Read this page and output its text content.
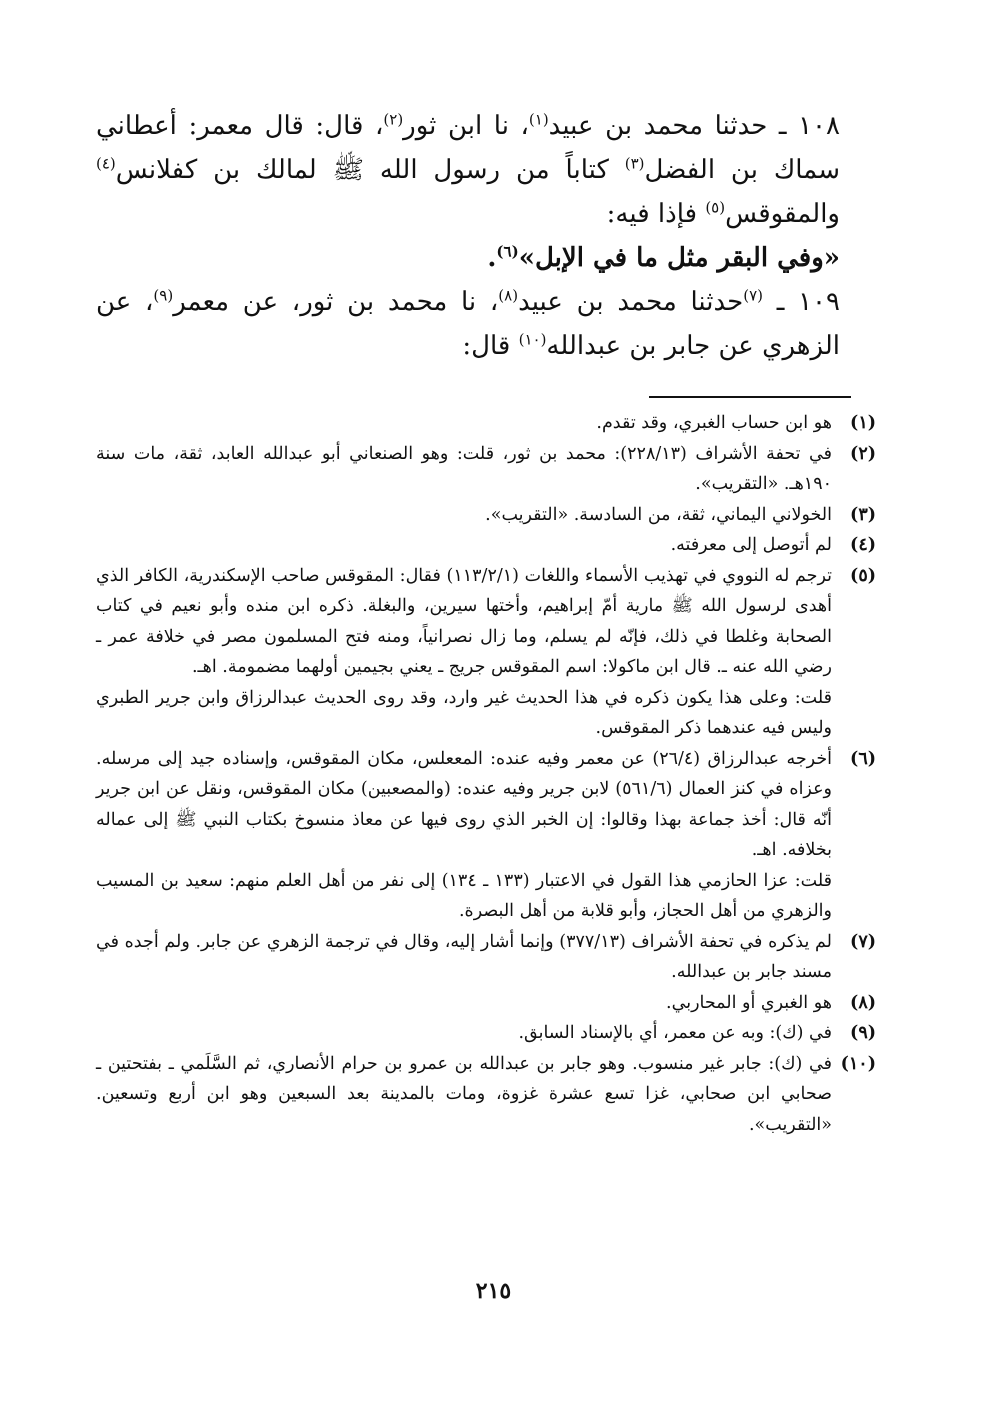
١٠٨ ـ حدثنا محمد بن عبيد$^{(١)}$، نا ابن ثور$^{(٢)}$، قال: قال معمر: أعطاني سماك بن الفضل$^{(٣)}$ كتاباً من رسول الله ﷺ لمالك بن كفلانس$^{(٤)}$ والمقوقس$^{(٥)}$ فإذا فيه:

«وفي البقر مثل ما في الإبل»$^{(٦)}$.

١٠٩ ـ $^{(٧)}$حدثنا محمد بن عبيد$^{(٨)}$، نا محمد بن ثور، عن معمر$^{(٩)}$، عن الزهري عن جابر بن عبدالله$^{(١٠)}$ قال:

(١)

هو ابن حساب الغبري، وقد تقدم.

(٢)

في تحفة الأشراف (٢٢٨/١٣): محمد بن ثور، قلت: وهو الصنعاني أبو عبدالله العابد، ثقة، مات سنة ١٩٠هـ. «التقريب».

(٣)

الخولاني اليماني، ثقة، من السادسة. «التقريب».

(٤)

لم أتوصل إلى معرفته.

(٥)

ترجم له النووي في تهذيب الأسماء واللغات (١١٣/٢/١) فقال: المقوقس صاحب الإسكندرية، الكافر الذي أهدى لرسول الله ﷺ مارية أمّ إبراهيم، وأختها سيرين، والبغلة. ذكره ابن منده وأبو نعيم في كتاب الصحابة وغلطا في ذلك، فإنّه لم يسلم، وما زال نصرانياً، ومنه فتح المسلمون مصر في خلافة عمر ـ رضي الله عنه ـ. قال ابن ماكولا: اسم المقوقس جريج ـ يعني بجيمين أولهما مضمومة. اهـ.

قلت: وعلى هذا يكون ذكره في هذا الحديث غير وارد، وقد روى الحديث عبدالرزاق وابن جرير الطبري وليس فيه عندهما ذكر المقوقس.

(٦)

أخرجه عبدالرزاق (٢٦/٤) عن معمر وفيه عنده: المععلس، مكان المقوقس، وإسناده جيد إلى مرسله. وعزاه في كنز العمال (٥٦١/٦) لابن جرير وفيه عنده: (والمصعبين) مكان المقوقس، ونقل عن ابن جرير أنّه قال: أخذ جماعة بهذا وقالوا: إن الخبر الذي روى فيها عن معاذ منسوخ بكتاب النبي ﷺ إلى عماله بخلافه. اهـ.

قلت: عزا الحازمي هذا القول في الاعتبار (١٣٣ ـ ١٣٤) إلى نفر من أهل العلم منهم: سعيد بن المسيب والزهري من أهل الحجاز، وأبو قلابة من أهل البصرة.

(٧)

لم يذكره في تحفة الأشراف (٣٧٧/١٣) وإنما أشار إليه، وقال في ترجمة الزهري عن جابر. ولم أجده في مسند جابر بن عبدالله.

(٨)

هو الغبري أو المحاربي.

(٩)

في (ك): وبه عن معمر، أي بالإسناد السابق.

(١٠)

في (ك): جابر غير منسوب. وهو جابر بن عبدالله بن عمرو بن حرام الأنصاري، ثم السَّلَمي ـ بفتحتين ـ صحابي ابن صحابي، غزا تسع عشرة غزوة، ومات بالمدينة بعد السبعين وهو ابن أربع وتسعين. «التقريب».

٢١٥
